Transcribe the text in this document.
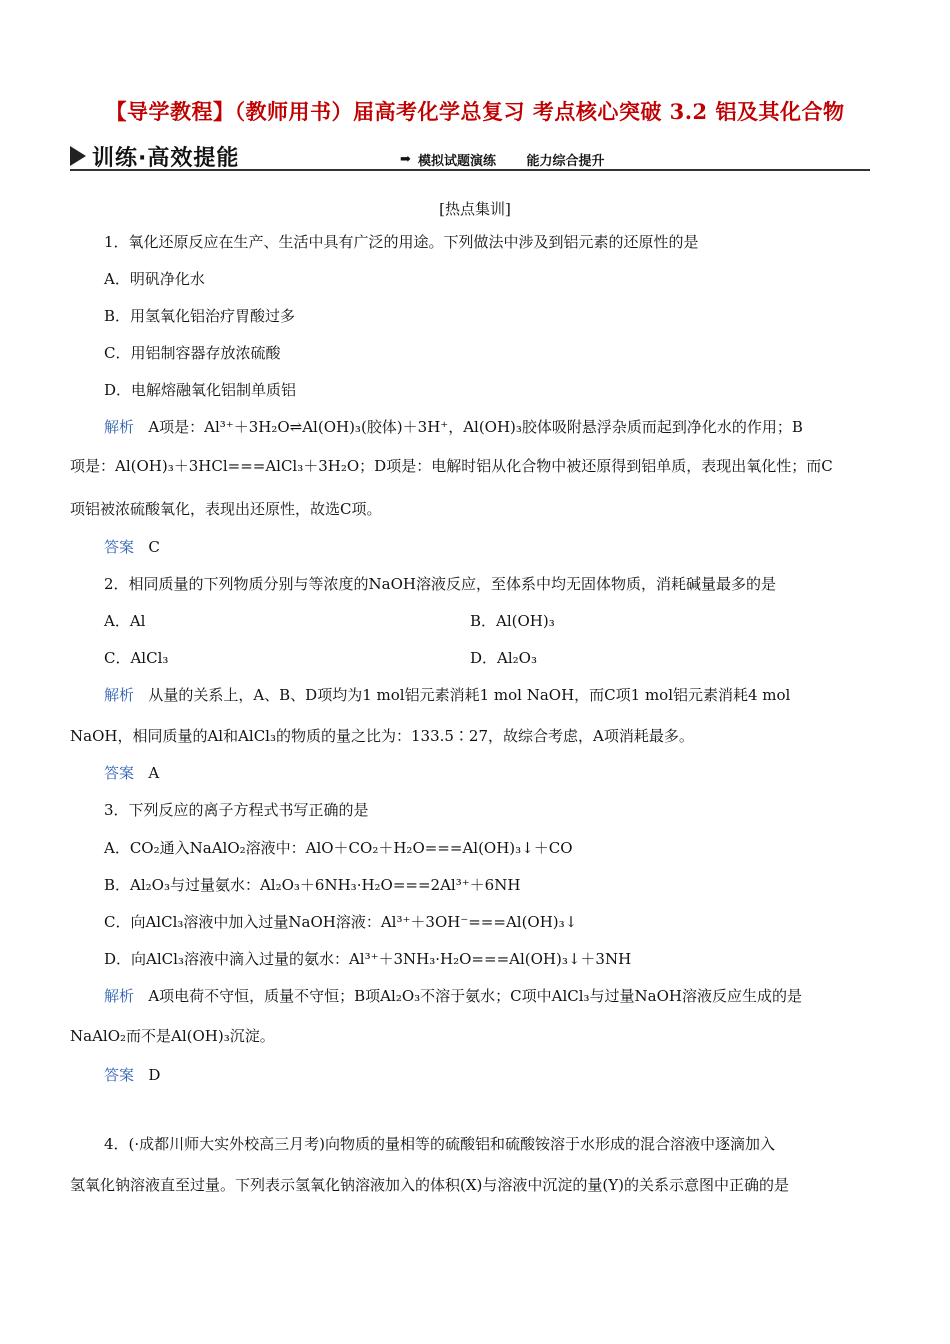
【导学教程】（教师用书）届高考化学总复习 考点核心突破 3.2 铝及其化合物
训练·高效提能	➡ 模拟试题演练 能力综合提升
[热点集训]
1．氧化还原反应在生产、生活中具有广泛的用途。下列做法中涉及到铝元素的还原性的是
A．明矾净化水
B．用氢氧化铝治疗胃酸过多
C．用铝制容器存放浓硫酸
D．电解熔融氧化铝制单质铝
解析 A项是：Al³⁺＋3H₂O⇌Al(OH)₃(胶体)＋3H⁺，Al(OH)₃胶体吸附悬浮杂质而起到净化水的作用；B
项是：Al(OH)₃＋3HCl===AlCl₃＋3H₂O；D项是：电解时铝从化合物中被还原得到铝单质，表现出氧化性；而C
项铝被浓硫酸氧化，表现出还原性，故选C项。
答案 C
2．相同质量的下列物质分别与等浓度的NaOH溶液反应，至体系中均无固体物质，消耗碱量最多的是
A．Al	B．Al(OH)₃
C．AlCl₃	D．Al₂O₃
解析 从量的关系上，A、B、D项均为1 mol铝元素消耗1 mol NaOH，而C项1 mol铝元素消耗4 mol
NaOH，相同质量的Al和AlCl₃的物质的量之比为：133.5∶27，故综合考虑，A项消耗最多。
答案 A
3．下列反应的离子方程式书写正确的是
A．CO₂通入NaAlO₂溶液中：AlO＋CO₂＋H₂O===Al(OH)₃↓＋CO
B．Al₂O₃与过量氨水：Al₂O₃＋6NH₃·H₂O===2Al³⁺＋6NH
C．向AlCl₃溶液中加入过量NaOH溶液：Al³⁺＋3OH⁻===Al(OH)₃↓
D．向AlCl₃溶液中滴入过量的氨水：Al³⁺＋3NH₃·H₂O===Al(OH)₃↓＋3NH
解析 A项电荷不守恒，质量不守恒；B项Al₂O₃不溶于氨水；C项中AlCl₃与过量NaOH溶液反应生成的是
NaAlO₂而不是Al(OH)₃沉淀。
答案 D
4．(·成都川师大实外校高三月考)向物质的量相等的硫酸铝和硫酸铵溶于水形成的混合溶液中逐滴加入
氢氧化钠溶液直至过量。下列表示氢氧化钠溶液加入的体积(X)与溶液中沉淀的量(Y)的关系示意图中正确的是
